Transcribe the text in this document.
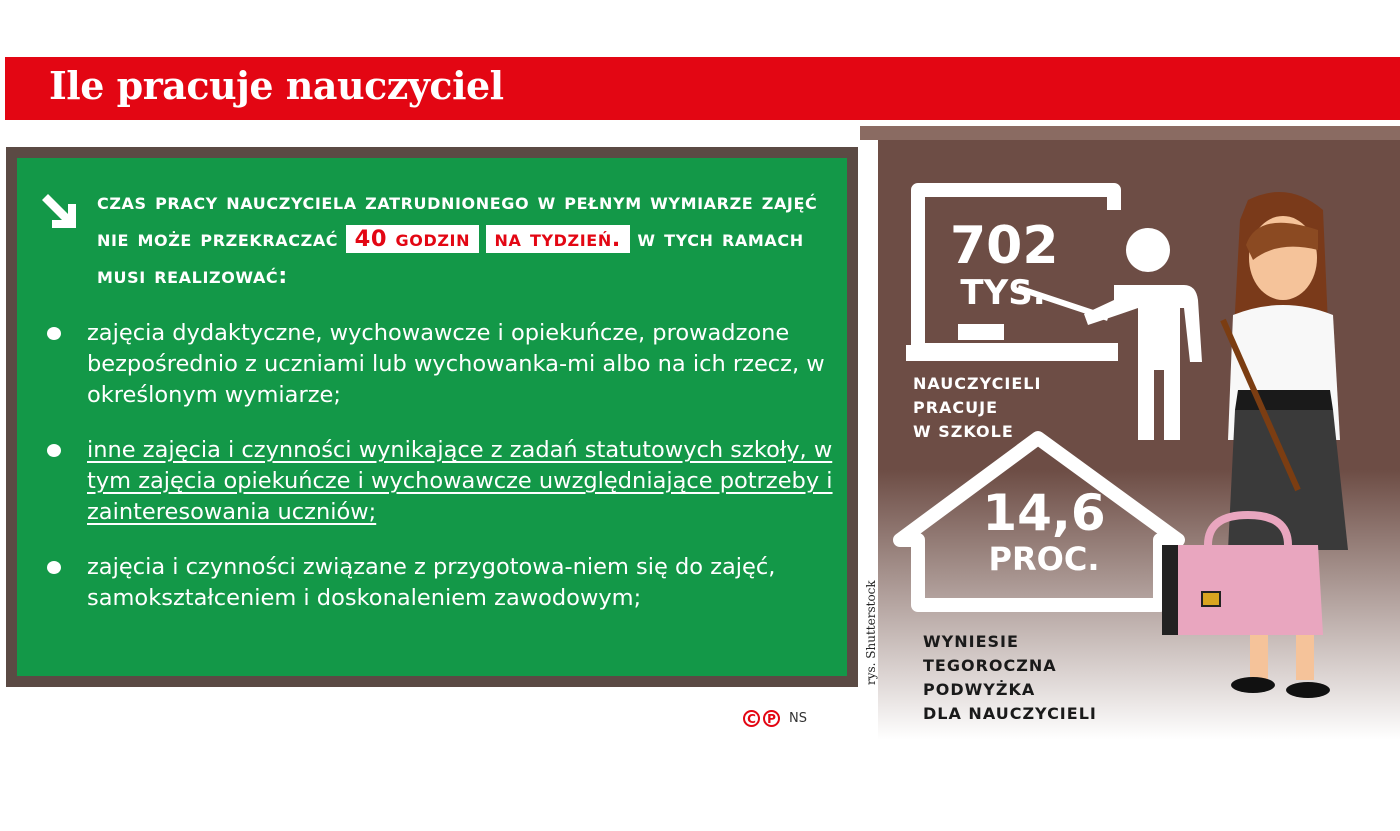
Ile pracuje nauczyciel
czas pracy nauczyciela zatrudnionego w pełnym wymiarze zajęć nie może przekraczać 40 godzin na tydzień. w tych ramach musi realizować:
zajęcia dydaktyczne, wychowawcze i opiekuńcze, prowadzone bezpośrednio z uczniami lub wychowanka-mi albo na ich rzecz, w określonym wymiarze;
inne zajęcia i czynności wynikające z zadań statutowych szkoły, w tym zajęcia opiekuńcze i wychowawcze uwzględniające potrzeby i zainteresowania uczniów;
zajęcia i czynności związane z przygotowa-niem się do zajęć, samokształceniem i doskonaleniem zawodowym;
C P	NS
rys. Shutterstock
702
TYS.
NAUCZYCIELI
PRACUJE
W SZKOLE
14,6
PROC.
WYNIESIE
TEGOROCZNA
PODWYŻKA
DLA NAUCZYCIELI
